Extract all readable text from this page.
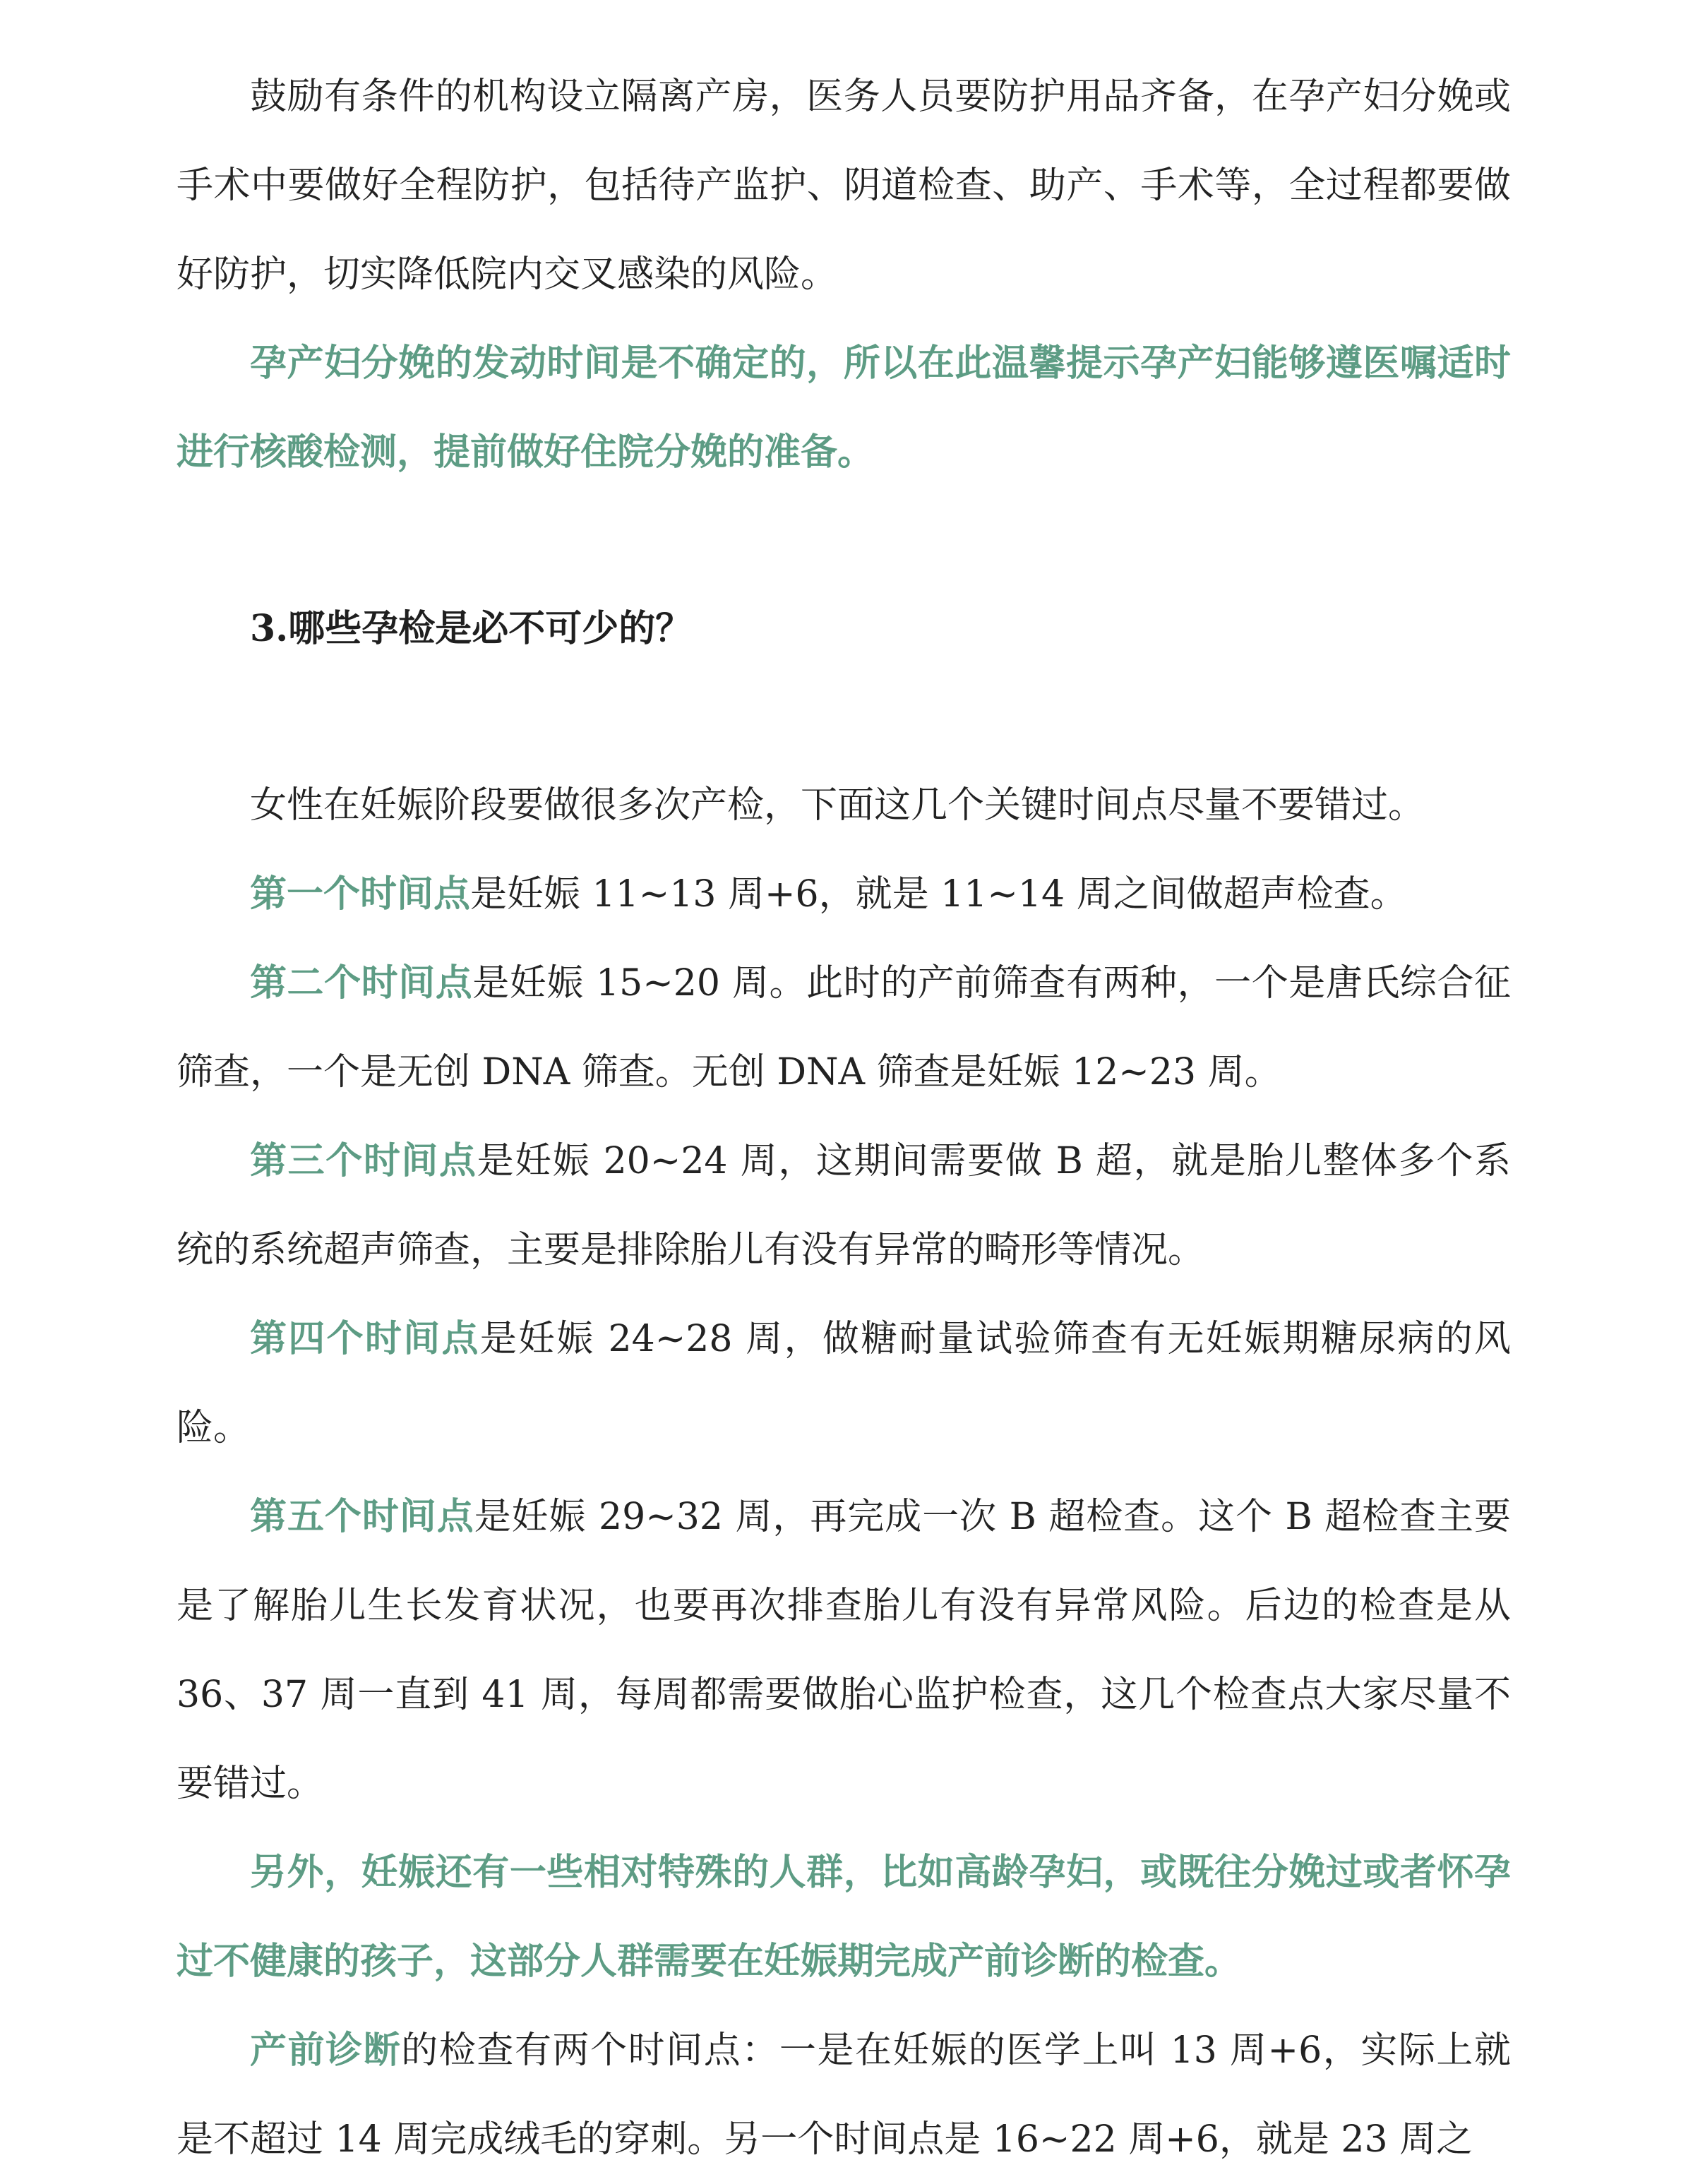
鼓励有条件的机构设立隔离产房，医务人员要防护用品齐备，在孕产妇分娩或手术中要做好全程防护，包括待产监护、阴道检查、助产、手术等，全过程都要做好防护，切实降低院内交叉感染的风险。

孕产妇分娩的发动时间是不确定的，所以在此温馨提示孕产妇能够遵医嘱适时进行核酸检测，提前做好住院分娩的准备。

3.哪些孕检是必不可少的？

女性在妊娠阶段要做很多次产检，下面这几个关键时间点尽量不要错过。

第一个时间点是妊娠 11~13 周+6，就是 11~14 周之间做超声检查。

第二个时间点是妊娠 15~20 周。此时的产前筛查有两种，一个是唐氏综合征筛查，一个是无创 DNA 筛查。无创 DNA 筛查是妊娠 12~23 周。

第三个时间点是妊娠 20~24 周，这期间需要做 B 超，就是胎儿整体多个系统的系统超声筛查，主要是排除胎儿有没有异常的畸形等情况。

第四个时间点是妊娠 24~28 周，做糖耐量试验筛查有无妊娠期糖尿病的风险。

第五个时间点是妊娠 29~32 周，再完成一次 B 超检查。这个 B 超检查主要是了解胎儿生长发育状况，也要再次排查胎儿有没有异常风险。后边的检查是从 36、37 周一直到 41 周，每周都需要做胎心监护检查，这几个检查点大家尽量不要错过。

另外，妊娠还有一些相对特殊的人群，比如高龄孕妇，或既往分娩过或者怀孕过不健康的孩子，这部分人群需要在妊娠期完成产前诊断的检查。

产前诊断的检查有两个时间点：一是在妊娠的医学上叫 13 周+6，实际上就是不超过 14 周完成绒毛的穿刺。另一个时间点是 16~22 周+6，就是 23 周之
